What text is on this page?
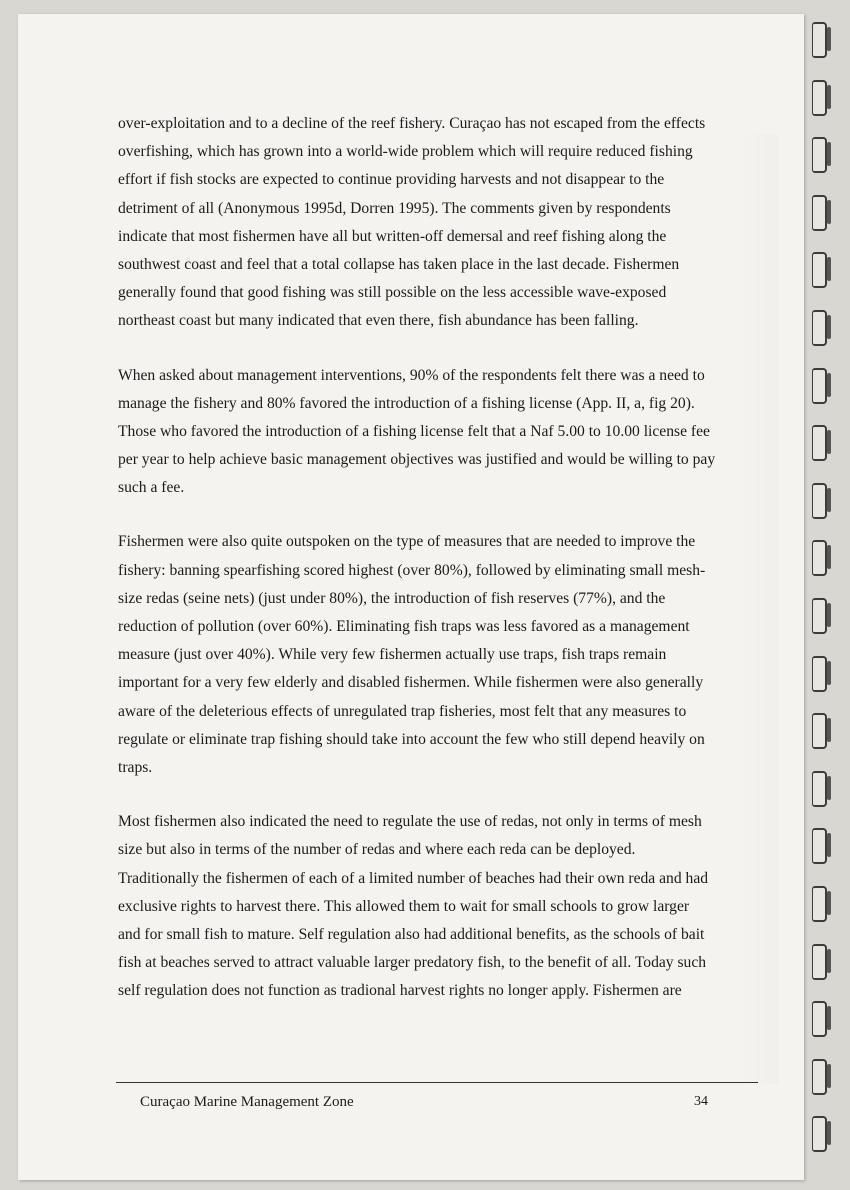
over-exploitation and to a decline of the reef fishery. Curaçao has not escaped from the effects
overfishing, which has grown into a world-wide problem which will require reduced fishing
effort if fish stocks are expected to continue providing harvests and not disappear to the
detriment of all (Anonymous 1995d, Dorren 1995). The comments given by respondents
indicate that most fishermen have all but written-off demersal and reef fishing along the
southwest coast and feel that a total collapse has taken place in the last decade. Fishermen
generally found that good fishing was still possible on the less accessible wave-exposed
northeast coast but many indicated that even there, fish abundance has been falling.
When asked about management interventions, 90% of the respondents felt there was a need to
manage the fishery and 80% favored the introduction of a fishing license (App. II, a, fig 20).
Those who favored the introduction of a fishing license felt that a Naf 5.00 to 10.00 license fee
per year to help achieve basic management objectives was justified and would be willing to pay
such a fee.
Fishermen were also quite outspoken on the type of measures that are needed to improve the
fishery: banning spearfishing scored highest (over 80%), followed by eliminating small mesh-
size redas (seine nets) (just under 80%), the introduction of fish reserves (77%), and the
reduction of pollution (over 60%). Eliminating fish traps was less favored as a management
measure (just over 40%). While very few fishermen actually use traps, fish traps remain
important for a very few elderly and disabled fishermen. While fishermen were also generally
aware of the deleterious effects of unregulated trap fisheries, most felt that any measures to
regulate or eliminate trap fishing should take into account the few who still depend heavily on
traps.
Most fishermen also indicated the need to regulate the use of redas, not only in terms of mesh
size but also in terms of the number of redas and where each reda can be deployed.
Traditionally the fishermen of each of a limited number of beaches had their own reda and had
exclusive rights to harvest there. This allowed them to wait for small schools to grow larger
and for small fish to mature. Self regulation also had additional benefits, as the schools of bait
fish at beaches served to attract valuable larger predatory fish, to the benefit of all. Today such
self regulation does not function as tradional harvest rights no longer apply. Fishermen are
Curaçao Marine Management Zone	34
